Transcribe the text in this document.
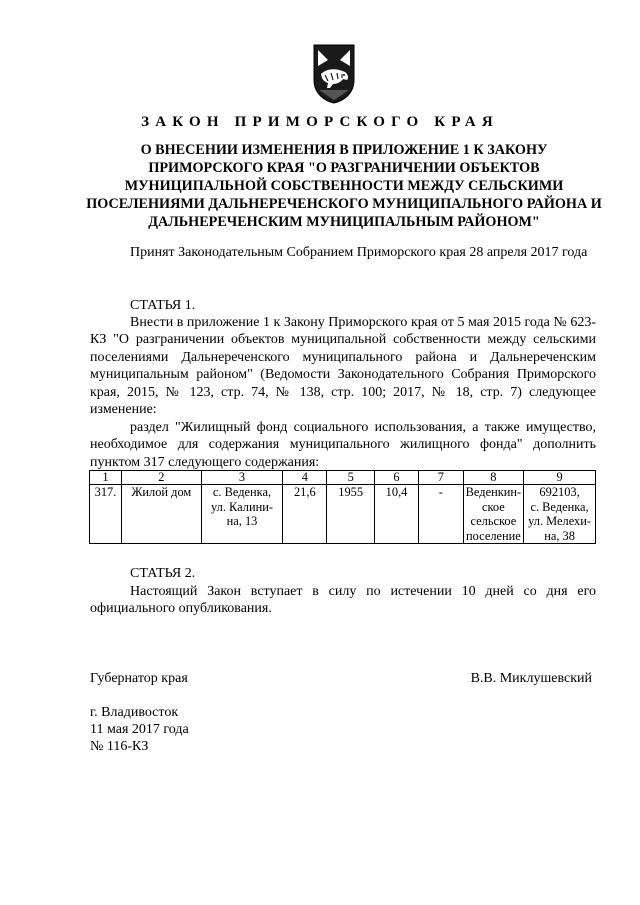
ЗАКОН ПРИМОРСКОГО КРАЯ
О ВНЕСЕНИИ ИЗМЕНЕНИЯ В ПРИЛОЖЕНИЕ 1 К ЗАКОНУ ПРИМОРСКОГО КРАЯ "О РАЗГРАНИЧЕНИИ ОБЪЕКТОВ МУНИЦИПАЛЬНОЙ СОБСТВЕННОСТИ МЕЖДУ СЕЛЬСКИМИ ПОСЕЛЕНИЯМИ ДАЛЬНЕРЕЧЕНСКОГО МУНИЦИПАЛЬНОГО РАЙОНА И ДАЛЬНЕРЕЧЕНСКИМ МУНИЦИПАЛЬНЫМ РАЙОНОМ"
Принят Законодательным Собранием Приморского края 28 апреля 2017 года
СТАТЬЯ 1.
Внести в приложение 1 к Закону Приморского края от 5 мая 2015 года № 623-КЗ "О разграничении объектов муниципальной собственности между сельскими поселениями Дальнереченского муниципального района и Дальнереченским муниципальным районом" (Ведомости Законодательного Собрания Приморского края, 2015, № 123, стр. 74, № 138, стр. 100; 2017, № 18, стр. 7) следующее изменение:
раздел "Жилищный фонд социального использования, а также имущество, необходимое для содержания муниципального жилищного фонда" дополнить пунктом 317 следующего содержания:
1	2	3	4	5	6	7	8	9
317.	Жилой дом	с. Веденка,
ул. Калини-
на, 13	21,6	1955	10,4	-	Веденкин-
ское
сельское
поселение	692103,
с. Веденка,
ул. Мелехи-
на, 38
СТАТЬЯ 2.
Настоящий Закон вступает в силу по истечении 10 дней со дня его официального опубликования.
Губернатор края	В.В. Миклушевский
г. Владивосток
11 мая 2017 года
№ 116-КЗ
